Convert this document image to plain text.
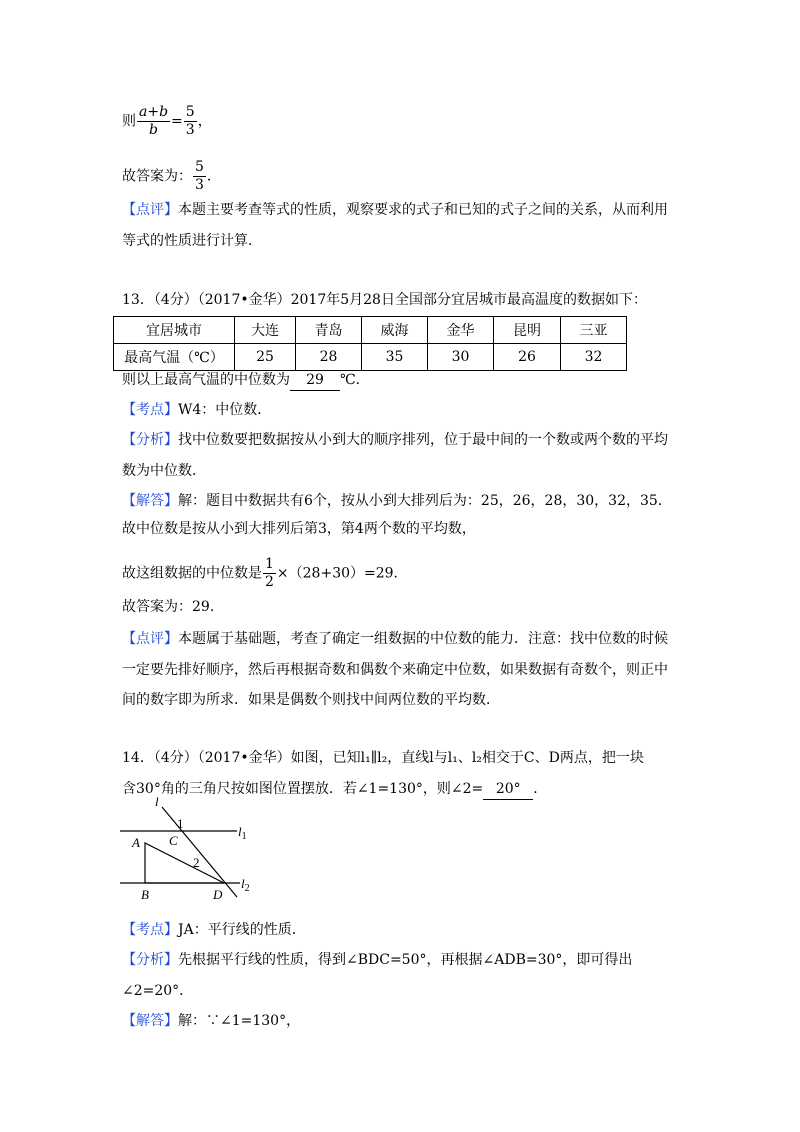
则 $\frac{a+b}{b} = \frac{5}{3}$ ，
故答案为： $\frac{5}{3}$ ．
【点评】本题主要考查等式的性质，观察要求的式子和已知的式子之间的关系，从而利用
等式的性质进行计算．
13．（4分）（2017•金华）2017年5月28日全国部分宜居城市最高温度的数据如下：
宜居城市	大连	青岛	威海	金华	昆明	三亚
最高气温（℃）	25	28	35	30	26	32
则以上最高气温的中位数为 29 ℃．
【考点】W4：中位数．
【分析】找中位数要把数据按从小到大的顺序排列，位于最中间的一个数或两个数的平均
数为中位数．
【解答】解：题目中数据共有6个，按从小到大排列后为：25，26，28，30，32，35．
故中位数是按从小到大排列后第3，第4两个数的平均数，
故这组数据的中位数是 $\frac{1}{2} \times(28+30)=29$．
故答案为：29．
【点评】本题属于基础题，考查了确定一组数据的中位数的能力．注意：找中位数的时候
一定要先排好顺序，然后再根据奇数和偶数个来确定中位数，如果数据有奇数个，则正中
间的数字即为所求．如果是偶数个则找中间两位数的平均数．
14．（4分）（2017•金华）如图，已知l₁∥l₂，直线l与l₁、l₂相交于C、D两点，把一块
含30°角的三角尺按如图位置摆放．若∠1=130°，则∠2= 20° ．
l
$l_1$
$l_2$
A
B
C
D
1
2
【考点】JA：平行线的性质．
【分析】先根据平行线的性质，得到∠BDC=50°，再根据∠ADB=30°，即可得出
∠2=20°．
【解答】解：∵∠1=130°，
